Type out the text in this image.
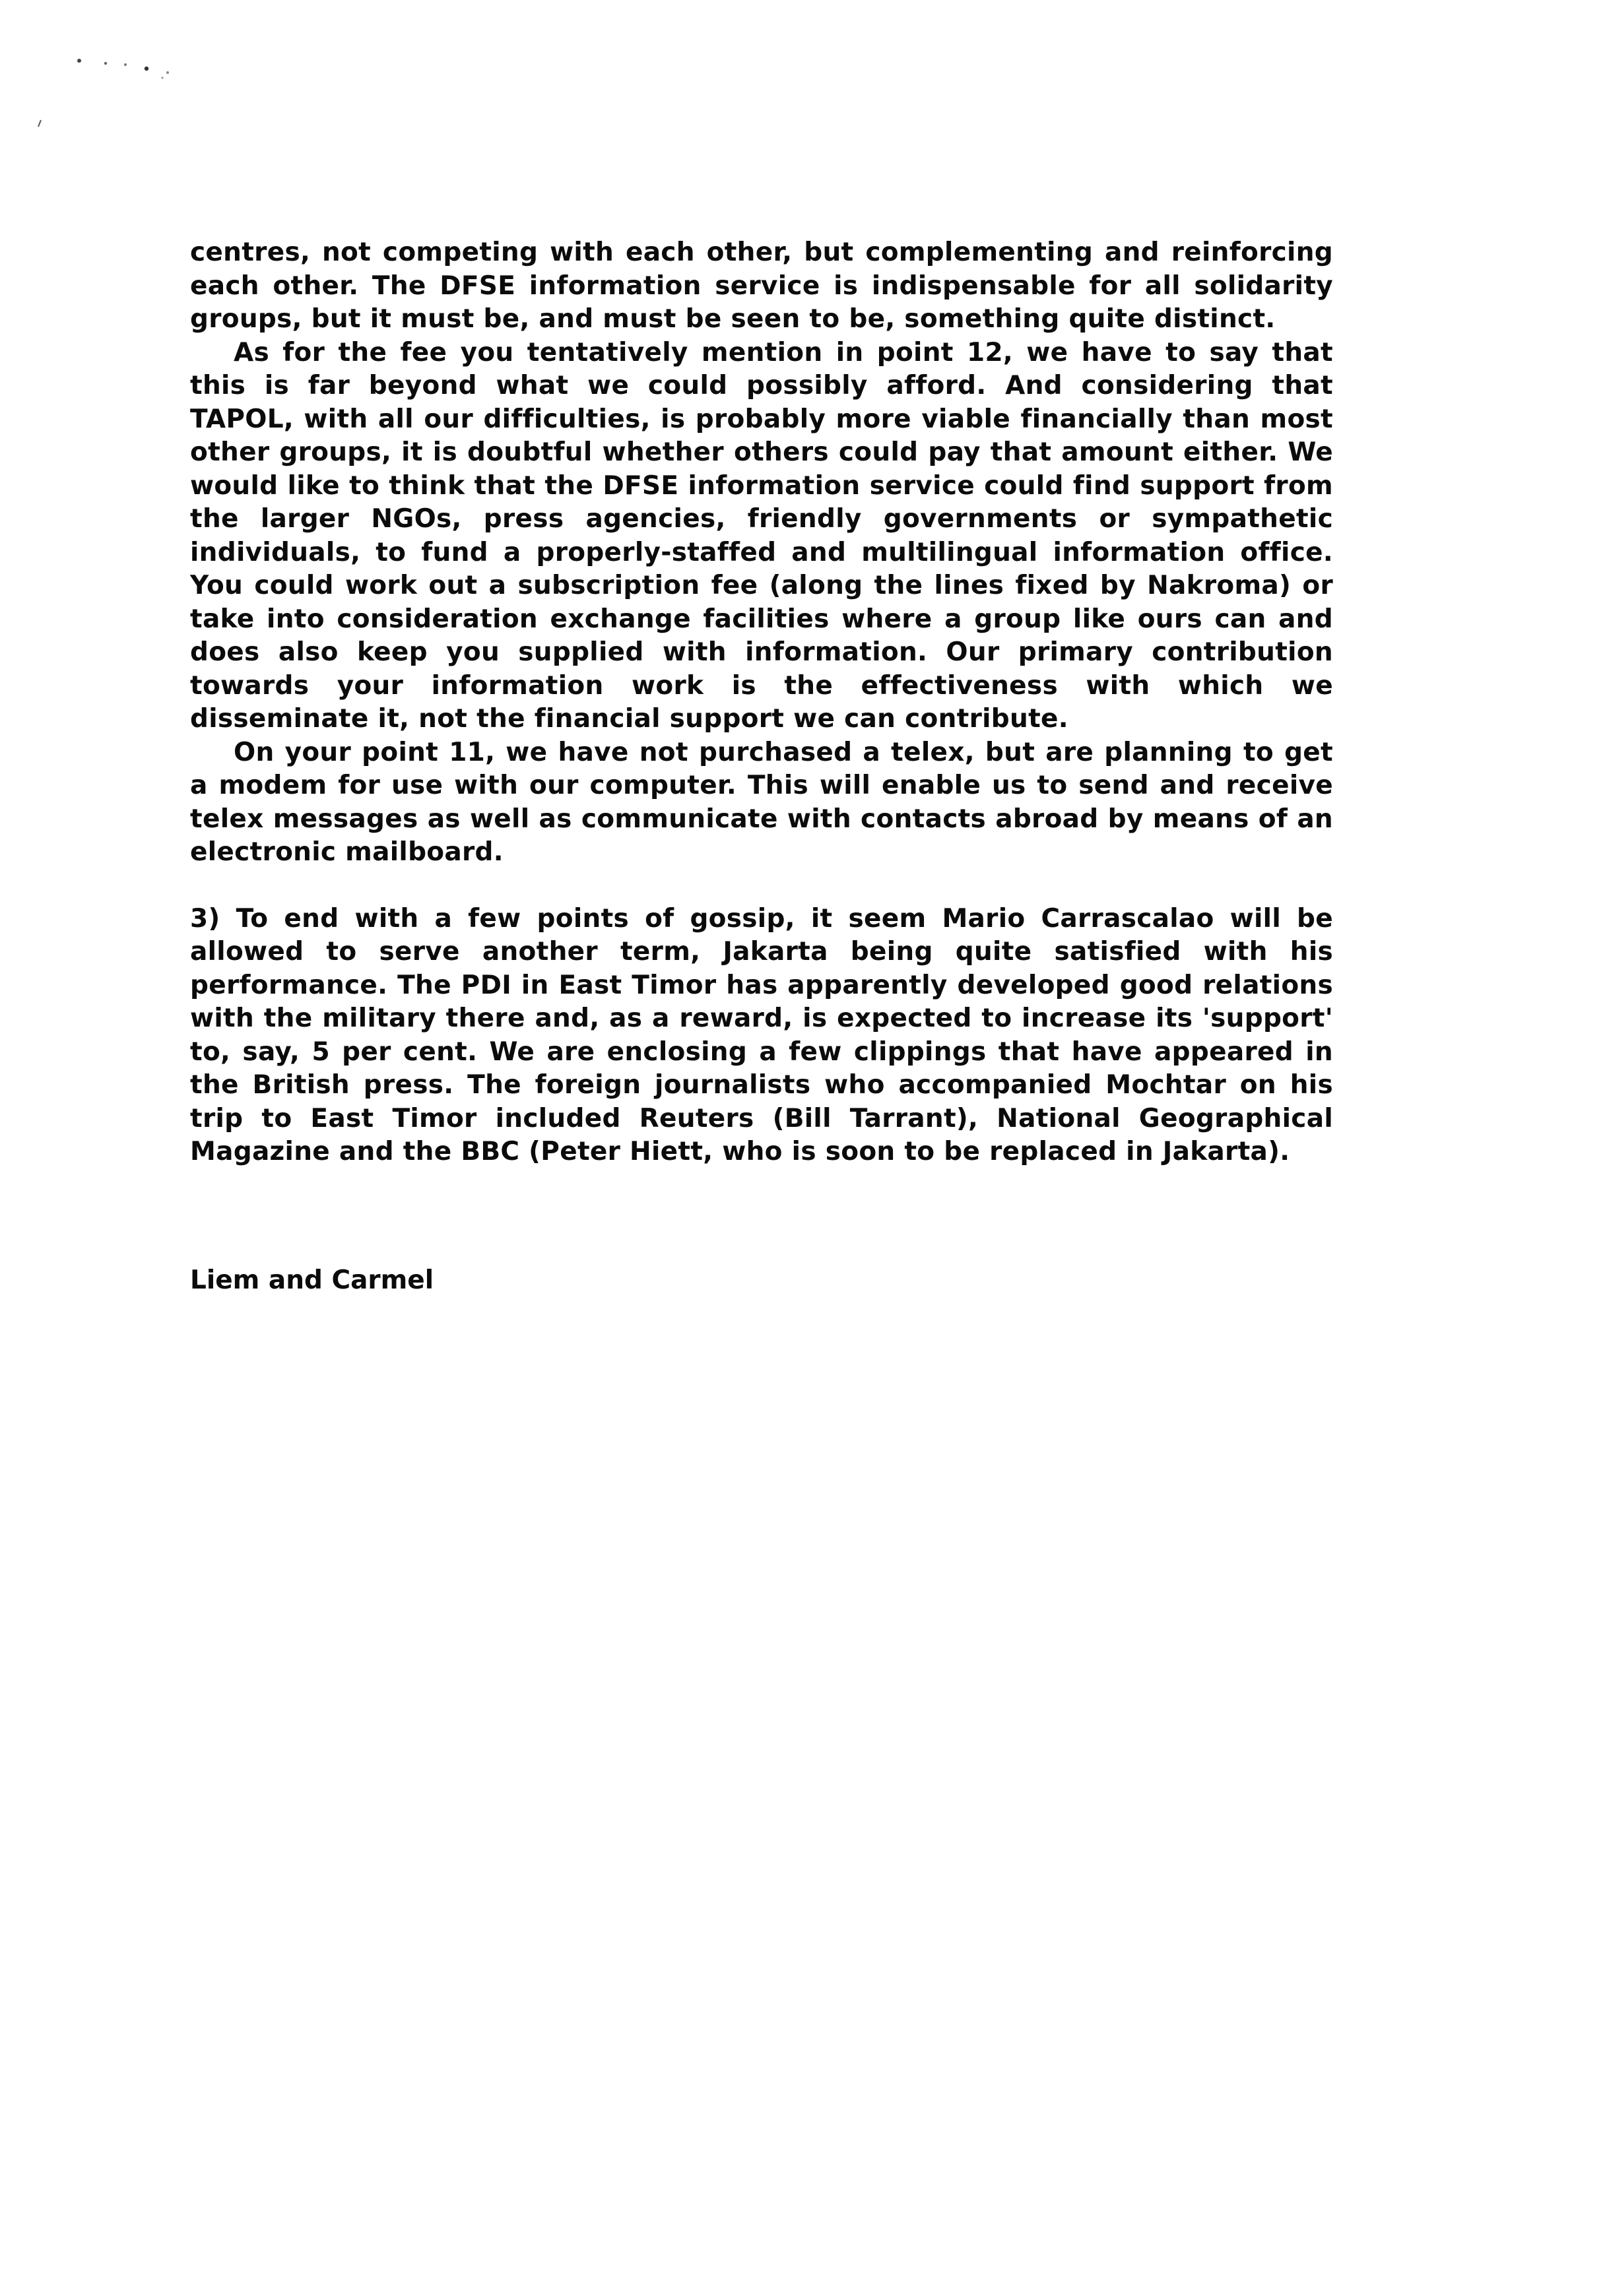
centres, not competing with each other, but complementing and reinforcing each other. The DFSE information service is indispensable for all solidarity groups, but it must be, and must be seen to be, something quite distinct.

As for the fee you tentatively mention in point 12, we have to say that this is far beyond what we could possibly afford. And considering that TAPOL, with all our difficulties, is probably more viable financially than most other groups, it is doubtful whether others could pay that amount either. We would like to think that the DFSE information service could find support from the larger NGOs, press agencies, friendly governments or sympathetic individuals, to fund a properly-staffed and multilingual information office. You could work out a subscription fee (along the lines fixed by Nakroma) or take into consideration exchange facilities where a group like ours can and does also keep you supplied with information. Our primary contribution towards your information work is the effectiveness with which we disseminate it, not the financial support we can contribute.

On your point 11, we have not purchased a telex, but are planning to get a modem for use with our computer. This will enable us to send and receive telex messages as well as communicate with contacts abroad by means of an electronic mailboard.

3) To end with a few points of gossip, it seem Mario Carrascalao will be allowed to serve another term, Jakarta being quite satisfied with his performance. The PDI in East Timor has apparently developed good relations with the military there and, as a reward, is expected to increase its 'support' to, say, 5 per cent. We are enclosing a few clippings that have appeared in the British press. The foreign journalists who accompanied Mochtar on his trip to East Timor included Reuters (Bill Tarrant), National Geographical Magazine and the BBC (Peter Hiett, who is soon to be replaced in Jakarta).

Liem and Carmel
